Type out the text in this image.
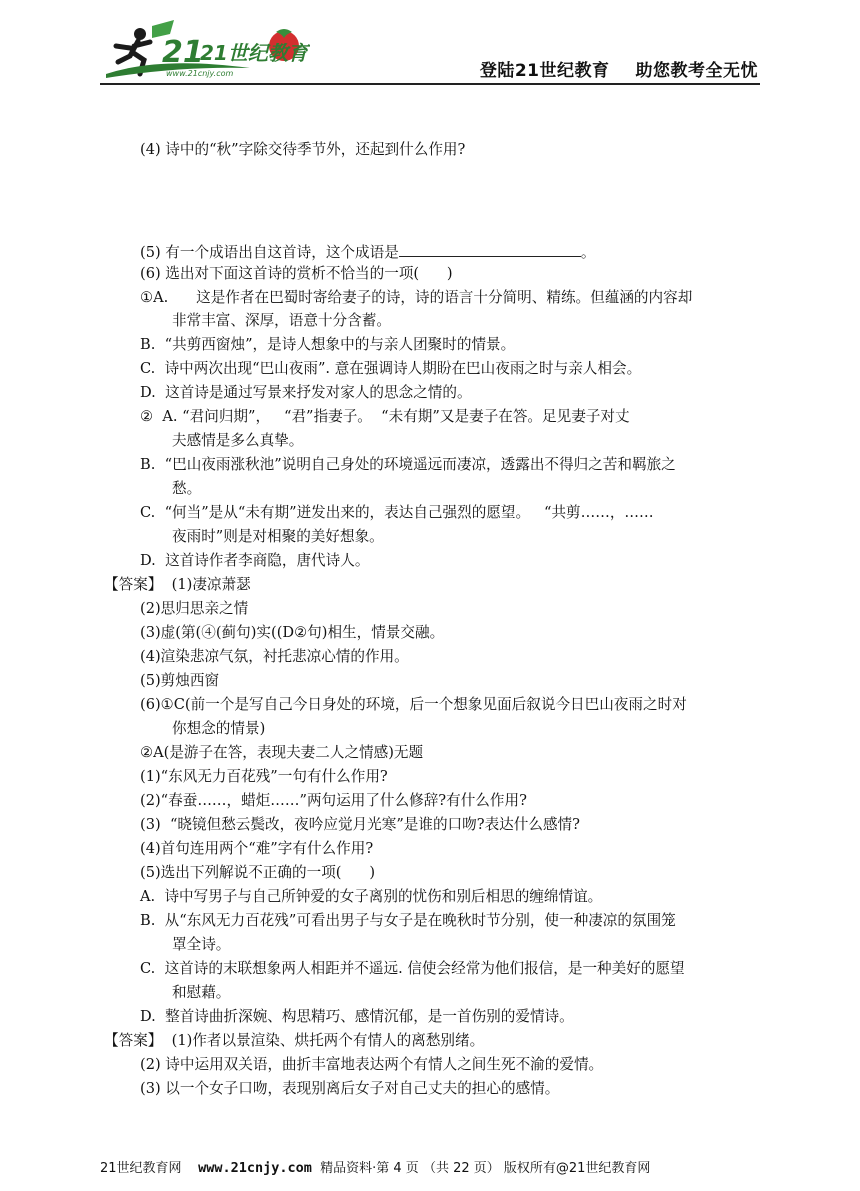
21
21世纪教育
www.21cnjy.com	登陆21世纪教育 助您教考全无忧
(4) 诗中的“秋”字除交待季节外，还起到什么作用?
(5) 有一个成语出自这首诗，这个成语是	。
(6) 选出对下面这首诗的赏析不恰当的一项(      )
①A.      这是作者在巴蜀时寄给妻子的诗，诗的语言十分简明、精练。但蕴涵的内容却
非常丰富、深厚，语意十分含蓄。
B.  “共剪西窗烛”，是诗人想象中的与亲人团聚时的情景。
C.  诗中两次出现“巴山夜雨”. 意在强调诗人期盼在巴山夜雨之时与亲人相会。
D.  这首诗是通过写景来抒发对家人的思念之情的。
②  A. “君问归期”，   “君”指妻子。  “未有期”又是妻子在答。足见妻子对丈
夫感情是多么真挚。
B.  “巴山夜雨涨秋池”说明自己身处的环境遥远而凄凉，透露出不得归之苦和羁旅之
愁。
C.  “何当”是从“未有期”迸发出来的，表达自己强烈的愿望。   “共剪……，……
夜雨时”则是对相聚的美好想象。
D.  这首诗作者李商隐，唐代诗人。
【答案】  (1)凄凉萧瑟
(2)思归思亲之情
(3)虚(第(④(蓟句)实((D②句)相生，情景交融。
(4)渲染悲凉气氛，衬托悲凉心情的作用。
(5)剪烛西窗
(6)①C(前一个是写自己今日身处的环境，后一个想象见面后叙说今日巴山夜雨之时对
你想念的情景)
②A(是游子在答，表现夫妻二人之情感)无题
(1)“东风无力百花残”一句有什么作用?
(2)“春蚕……，蜡炬……”两句运用了什么修辞?有什么作用?
(3)  “晓镜但愁云鬓改，夜吟应觉月光寒”是谁的口吻?表达什么感情?
(4)首句连用两个“难”字有什么作用?
(5)选出下列解说不正确的一项(      )
A.  诗中写男子与自己所钟爱的女子离别的忧伤和别后相思的缠绵情谊。
B.  从“东风无力百花残”可看出男子与女子是在晚秋时节分别，使一种凄凉的氛围笼
罩全诗。
C.  这首诗的末联想象两人相距并不遥远. 信使会经常为他们报信，是一种美好的愿望
和慰藉。
D.  整首诗曲折深婉、构思精巧、感情沉郁，是一首伤别的爱情诗。
【答案】  (1)作者以景渲染、烘托两个有情人的离愁别绪。
(2) 诗中运用双关语，曲折丰富地表达两个有情人之间生死不渝的爱情。
(3) 以一个女子口吻，表现别离后女子对自己丈夫的担心的感情。
21世纪教育网 www.21cnjy.com 精品资料·第 4 页 （共 22 页） 版权所有@21世纪教育网
